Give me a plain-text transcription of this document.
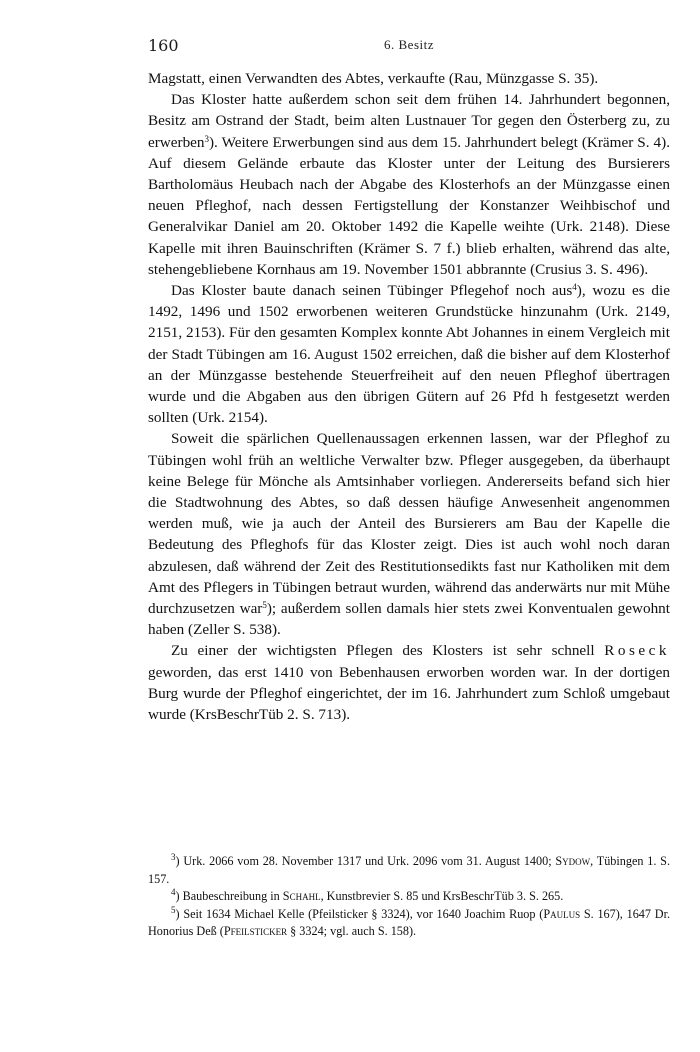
160	6. Besitz

Magstatt, einen Verwandten des Abtes, verkaufte (Rau, Münzgasse S. 35).

Das Kloster hatte außerdem schon seit dem frühen 14. Jahrhundert begonnen, Besitz am Ostrand der Stadt, beim alten Lustnauer Tor gegen den Österberg zu, zu erwerben$^3$). Weitere Erwerbungen sind aus dem 15. Jahrhundert belegt (Krämer S. 4). Auf diesem Gelände erbaute das Kloster unter der Leitung des Bursierers Bartholomäus Heubach nach der Abgabe des Klosterhofs an der Münzgasse einen neuen Pfleghof, nach dessen Fertigstellung der Konstanzer Weihbischof und Generalvikar Daniel am 20. Oktober 1492 die Kapelle weihte (Urk. 2148). Diese Kapelle mit ihren Bauinschriften (Krämer S. 7 f.) blieb erhalten, während das alte, stehengebliebene Kornhaus am 19. November 1501 abbrannte (Crusius 3. S. 496).

Das Kloster baute danach seinen Tübinger Pflegehof noch aus$^4$), wozu es die 1492, 1496 und 1502 erworbenen weiteren Grundstücke hinzunahm (Urk. 2149, 2151, 2153). Für den gesamten Komplex konnte Abt Johannes in einem Vergleich mit der Stadt Tübingen am 16. August 1502 erreichen, daß die bisher auf dem Klosterhof an der Münzgasse bestehende Steuerfreiheit auf den neuen Pfleghof übertragen wurde und die Abgaben aus den übrigen Gütern auf 26 Pfd h festgesetzt werden sollten (Urk. 2154).

Soweit die spärlichen Quellenaussagen erkennen lassen, war der Pfleghof zu Tübingen wohl früh an weltliche Verwalter bzw. Pfleger ausgegeben, da überhaupt keine Belege für Mönche als Amtsinhaber vorliegen. Andererseits befand sich hier die Stadtwohnung des Abtes, so daß dessen häufige Anwesenheit angenommen werden muß, wie ja auch der Anteil des Bursierers am Bau der Kapelle die Bedeutung des Pfleghofs für das Kloster zeigt. Dies ist auch wohl noch daran abzulesen, daß während der Zeit des Restitutionsedikts fast nur Katholiken mit dem Amt des Pflegers in Tübingen betraut wurden, während das anderwärts nur mit Mühe durchzusetzen war$^5$); außerdem sollen damals hier stets zwei Konventualen gewohnt haben (Zeller S. 538).

Zu einer der wichtigsten Pflegen des Klosters ist sehr schnell Roseck geworden, das erst 1410 von Bebenhausen erworben worden war. In der dortigen Burg wurde der Pfleghof eingerichtet, der im 16. Jahrhundert zum Schloß umgebaut wurde (KrsBeschrTüb 2. S. 713).

$^3$) Urk. 2066 vom 28. November 1317 und Urk. 2096 vom 31. August 1400; Sydow, Tübingen 1. S. 157.

$^4$) Baubeschreibung in Schahl, Kunstbrevier S. 85 und KrsBeschrTüb 3. S. 265.

$^5$) Seit 1634 Michael Kelle (Pfeilsticker § 3324), vor 1640 Joachim Ruop (Paulus S. 167), 1647 Dr. Honorius Deß (Pfeilsticker § 3324; vgl. auch S. 158).
